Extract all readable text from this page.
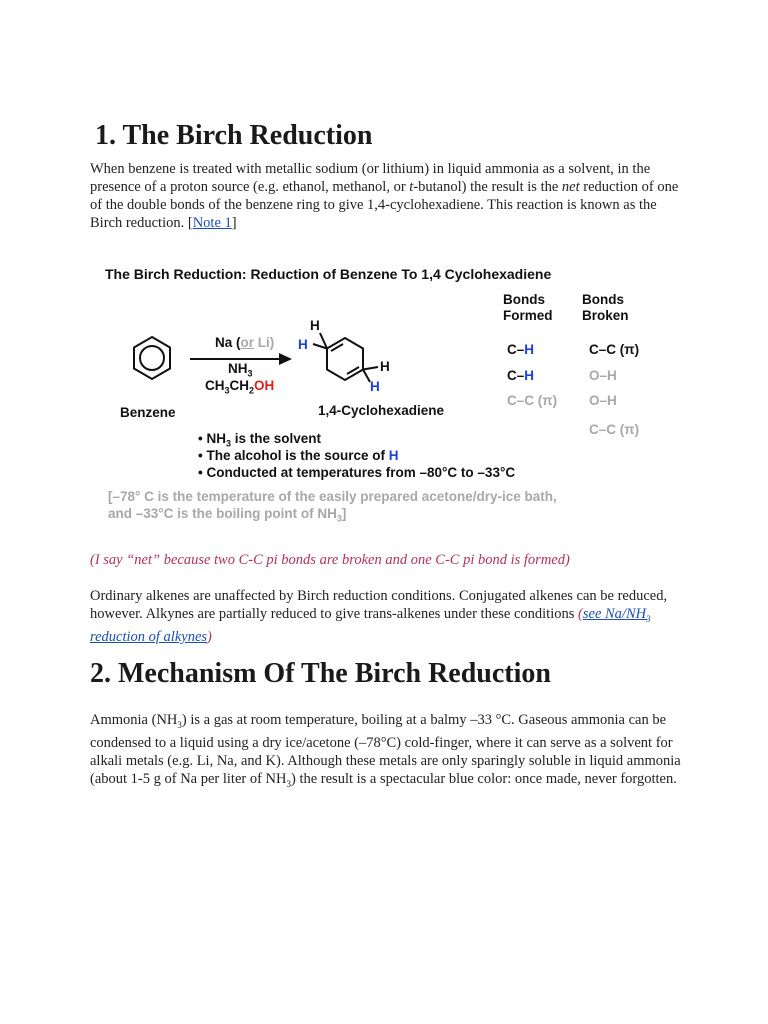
1. The Birch Reduction

When benzene is treated with metallic sodium (or lithium) in liquid ammonia as a solvent, in the presence of a proton source (e.g. ethanol, methanol, or t-butanol) the result is the net reduction of one of the double bonds of the benzene ring to give 1,4-cyclohexadiene. This reaction is known as the Birch reduction. [Note 1]

The Birch Reduction: Reduction of Benzene To 1,4 Cyclohexadiene
H
H
H
H
Na (or Li)
$NH_3$
$CH_3CH_2OH$
Benzene	1,4-Cyclohexadiene
Bonds
Formed
Bonds
Broken
C–H
C–H
C–C (π)
C–C (π)
O–H
O–H
C–C (π)
• $NH_3$ is the solvent
• The alcohol is the source of H
• Conducted at temperatures from –80°C to –33°C
[–78° C is the temperature of the easily prepared acetone/dry-ice bath,
and –33°C is the boiling point of $NH_3$]

(I say “net” because two C-C pi bonds are broken and one C-C pi bond is formed)

Ordinary alkenes are unaffected by Birch reduction conditions. Conjugated alkenes can be reduced, however. Alkynes are partially reduced to give trans-alkenes under these conditions (see $Na/NH_3$ reduction of alkynes)

2. Mechanism Of The Birch Reduction

Ammonia $(NH_3)$ is a gas at room temperature, boiling at a balmy –33 °C. Gaseous ammonia can be condensed to a liquid using a dry ice/acetone (–78°C) cold-finger, where it can serve as a solvent for alkali metals (e.g. Li, Na, and K). Although these metals are only sparingly soluble in liquid ammonia (about 1-5 g of Na per liter of $NH_3$) the result is a spectacular blue color: once made, never forgotten.
